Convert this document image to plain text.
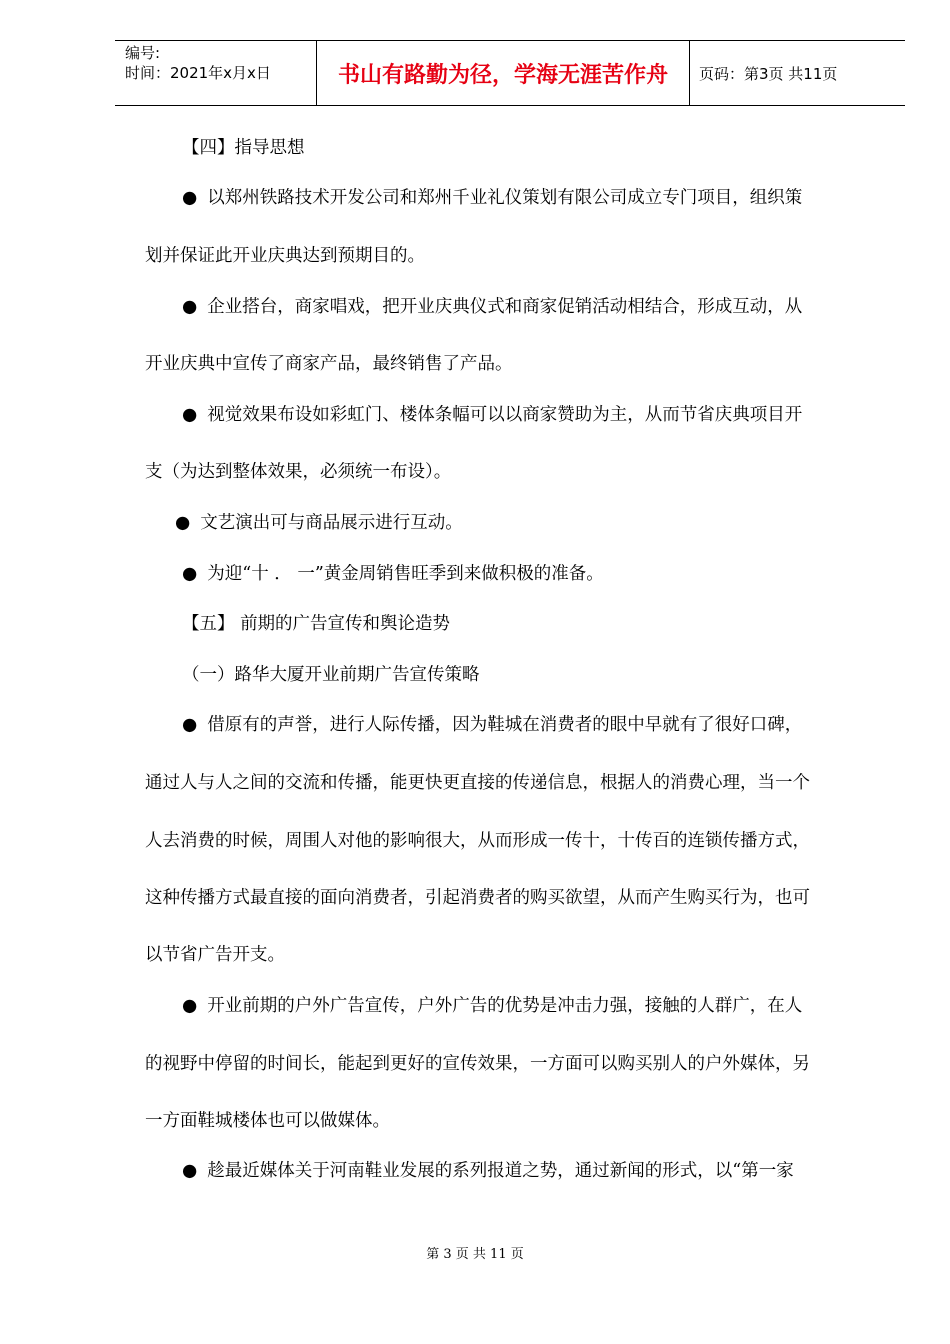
编号:
时间：2021年x月x日	书山有路勤为径，学海无涯苦作舟	页码：第3页 共11页
【四】指导思想
● 以郑州铁路技术开发公司和郑州千业礼仪策划有限公司成立专门项目，组织策
划并保证此开业庆典达到预期目的。
● 企业搭台，商家唱戏，把开业庆典仪式和商家促销活动相结合，形成互动，从
开业庆典中宣传了商家产品，最终销售了产品。
● 视觉效果布设如彩虹门、楼体条幅可以以商家赞助为主，从而节省庆典项目开
支（为达到整体效果，必须统一布设）。
● 文艺演出可与商品展示进行互动。
● 为迎“十 ． 一”黄金周销售旺季到来做积极的准备。
【五】 前期的广告宣传和舆论造势
（一）路华大厦开业前期广告宣传策略
● 借原有的声誉，进行人际传播，因为鞋城在消费者的眼中早就有了很好口碑，
通过人与人之间的交流和传播，能更快更直接的传递信息，根据人的消费心理，当一个
人去消费的时候，周围人对他的影响很大，从而形成一传十，十传百的连锁传播方式，
这种传播方式最直接的面向消费者，引起消费者的购买欲望，从而产生购买行为，也可
以节省广告开支。
● 开业前期的户外广告宣传，户外广告的优势是冲击力强，接触的人群广，在人
的视野中停留的时间长，能起到更好的宣传效果，一方面可以购买别人的户外媒体，另
一方面鞋城楼体也可以做媒体。
● 趁最近媒体关于河南鞋业发展的系列报道之势，通过新闻的形式，以“第一家
第 3 页 共 11 页
